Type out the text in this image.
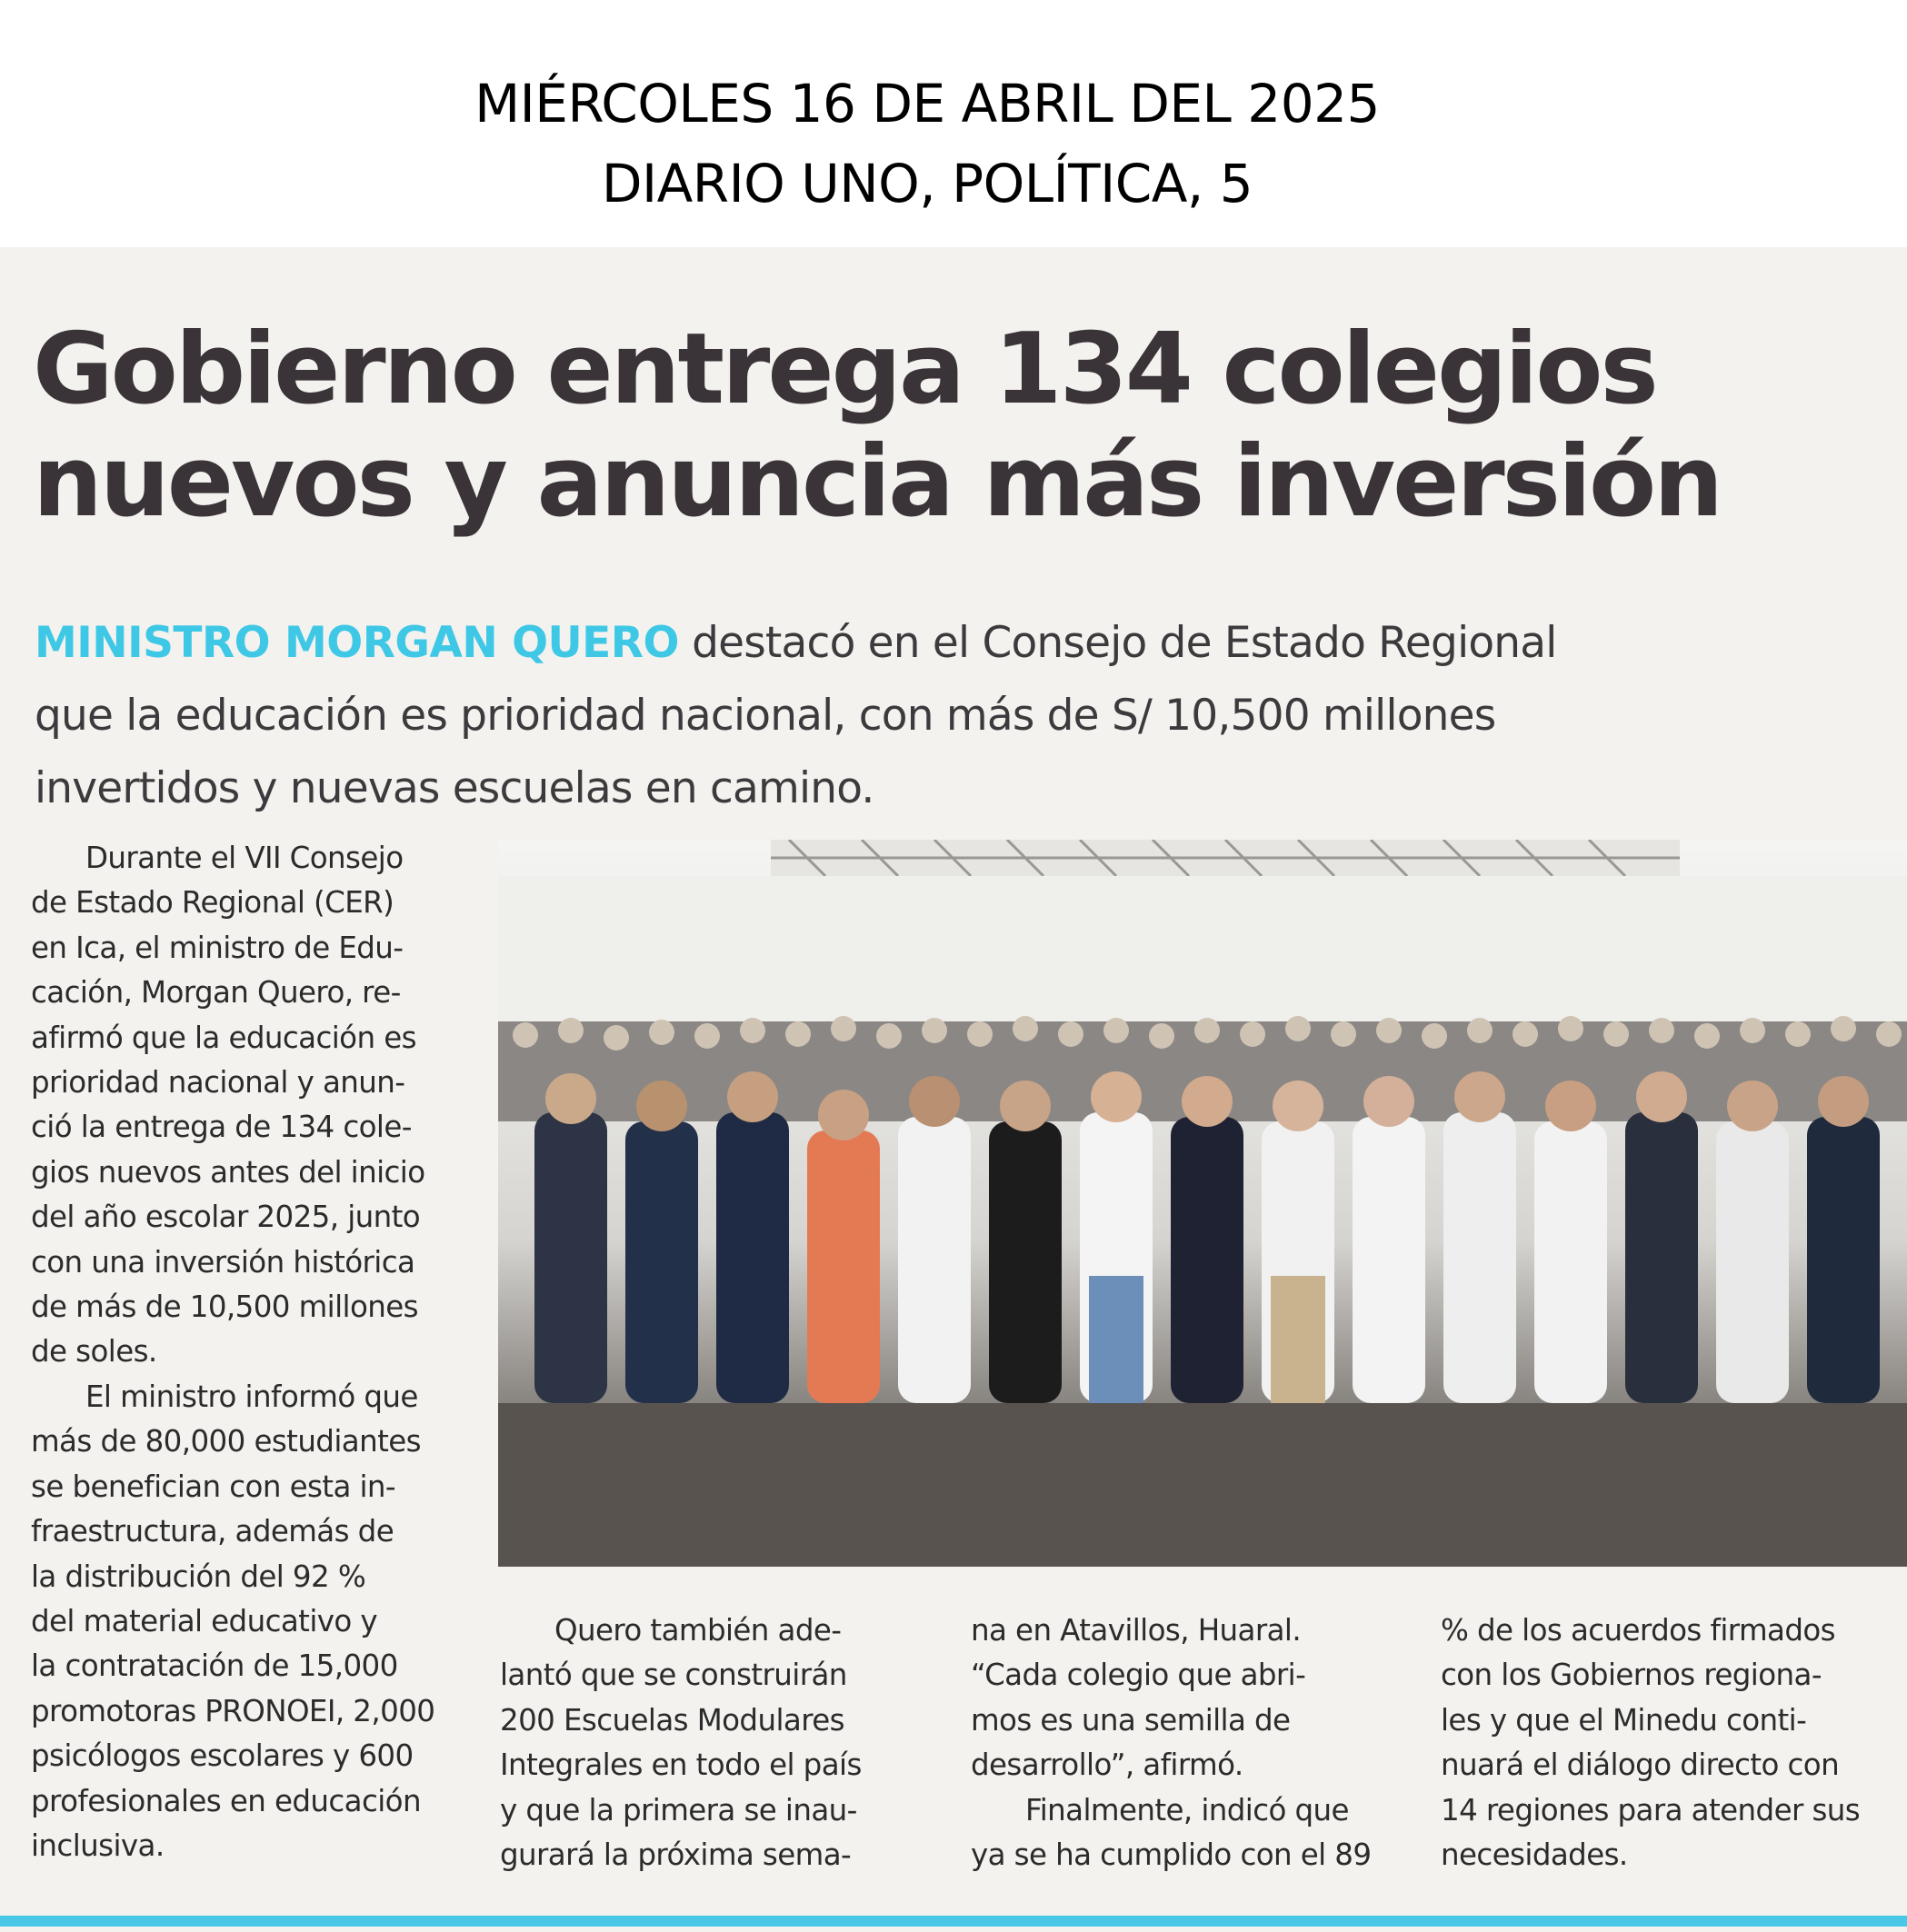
MIÉRCOLES 16 DE ABRIL DEL 2025
DIARIO UNO, POLÍTICA, 5
Gobierno entrega 134 colegios
nuevos y anuncia más inversión
MINISTRO MORGAN QUERO destacó en el Consejo de Estado Regional
que la educación es prioridad nacional, con más de S/ 10,500 millones
invertidos y nuevas escuelas en camino.
Durante el VII Consejo
de Estado Regional (CER)
en Ica, el ministro de Edu-
cación, Morgan Quero, re-
afirmó que la educación es
prioridad nacional y anun-
ció la entrega de 134 cole-
gios nuevos antes del inicio
del año escolar 2025, junto
con una inversión histórica
de más de 10,500 millones
de soles.
El ministro informó que
más de 80,000 estudiantes
se benefician con esta in-
fraestructura, además de
la distribución del 92 %
del material educativo y
la contratación de 15,000
promotoras PRONOEI, 2,000
psicólogos escolares y 600
profesionales en educación
inclusiva.
Quero también ade-
lantó que se construirán
200 Escuelas Modulares
Integrales en todo el país
y que la primera se inau-
gurará la próxima sema-
na en Atavillos, Huaral.
“Cada colegio que abri-
mos es una semilla de
desarrollo”, afirmó.
Finalmente, indicó que
ya se ha cumplido con el 89
% de los acuerdos firmados
con los Gobiernos regiona-
les y que el Minedu conti-
nuará el diálogo directo con
14 regiones para atender sus
necesidades.
